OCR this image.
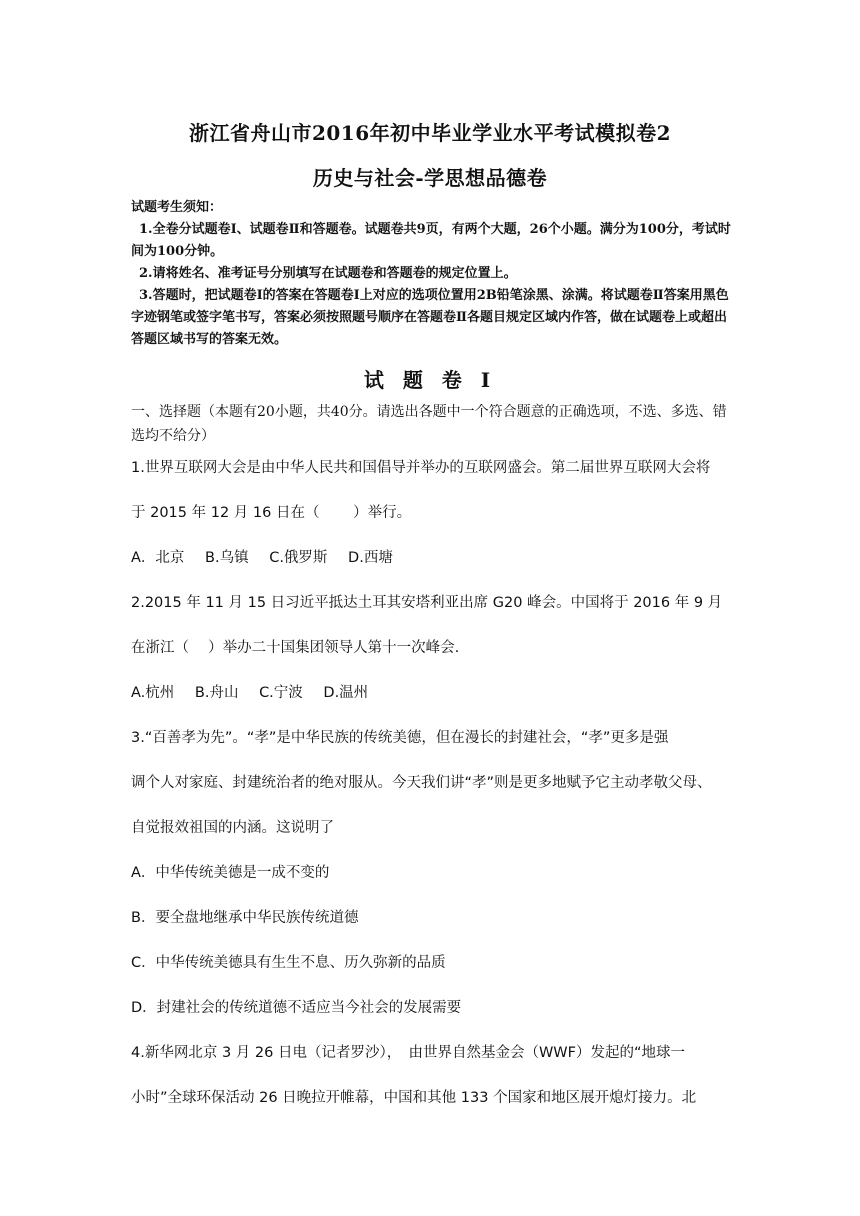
浙江省舟山市2016年初中毕业学业水平考试模拟卷2
历史与社会-学思想品德卷
试题考生须知：
1.全卷分试题卷Ⅰ、试题卷Ⅱ和答题卷。试题卷共9页，有两个大题，26个小题。满分为100分，考试时间为100分钟。
2.请将姓名、准考证号分别填写在试题卷和答题卷的规定位置上。
3.答题时，把试题卷Ⅰ的答案在答题卷Ⅰ上对应的选项位置用2B铅笔涂黑、涂满。将试题卷Ⅱ答案用黑色字迹钢笔或签字笔书写，答案必须按照题号顺序在答题卷Ⅱ各题目规定区域内作答，做在试题卷上或超出答题区域书写的答案无效。
试 题 卷 Ⅰ
一、选择题（本题有20小题，共40分。请选出各题中一个符合题意的正确选项，不选、多选、错选均不给分）
1.世界互联网大会是由中华人民共和国倡导并举办的互联网盛会。第二届世界互联网大会将
于 2015 年 12 月 16 日在（　　 ）举行。
A．北京 B.乌镇 C.俄罗斯 D.西塘
2.2015 年 11 月 15 日习近平抵达土耳其安塔利亚出席 G20 峰会。中国将于 2016 年 9 月
在浙江（　 ）举办二十国集团领导人第十一次峰会.
A.杭州 B.舟山 C.宁波 D.温州
3.“百善孝为先”。“孝”是中华民族的传统美德，但在漫长的封建社会，“孝”更多是强
调个人对家庭、封建统治者的绝对服从。今天我们讲“孝”则是更多地赋予它主动孝敬父母、
自觉报效祖国的内涵。这说明了
A．中华传统美德是一成不变的
B．要全盘地继承中华民族传统道德
C．中华传统美德具有生生不息、历久弥新的品质
D．封建社会的传统道德不适应当今社会的发展需要
4.新华网北京 3 月 26 日电（记者罗沙），　由世界自然基金会（WWF）发起的“地球一
小时”全球环保活动 26 日晚拉开帷幕，中国和其他 133 个国家和地区展开熄灯接力。北
